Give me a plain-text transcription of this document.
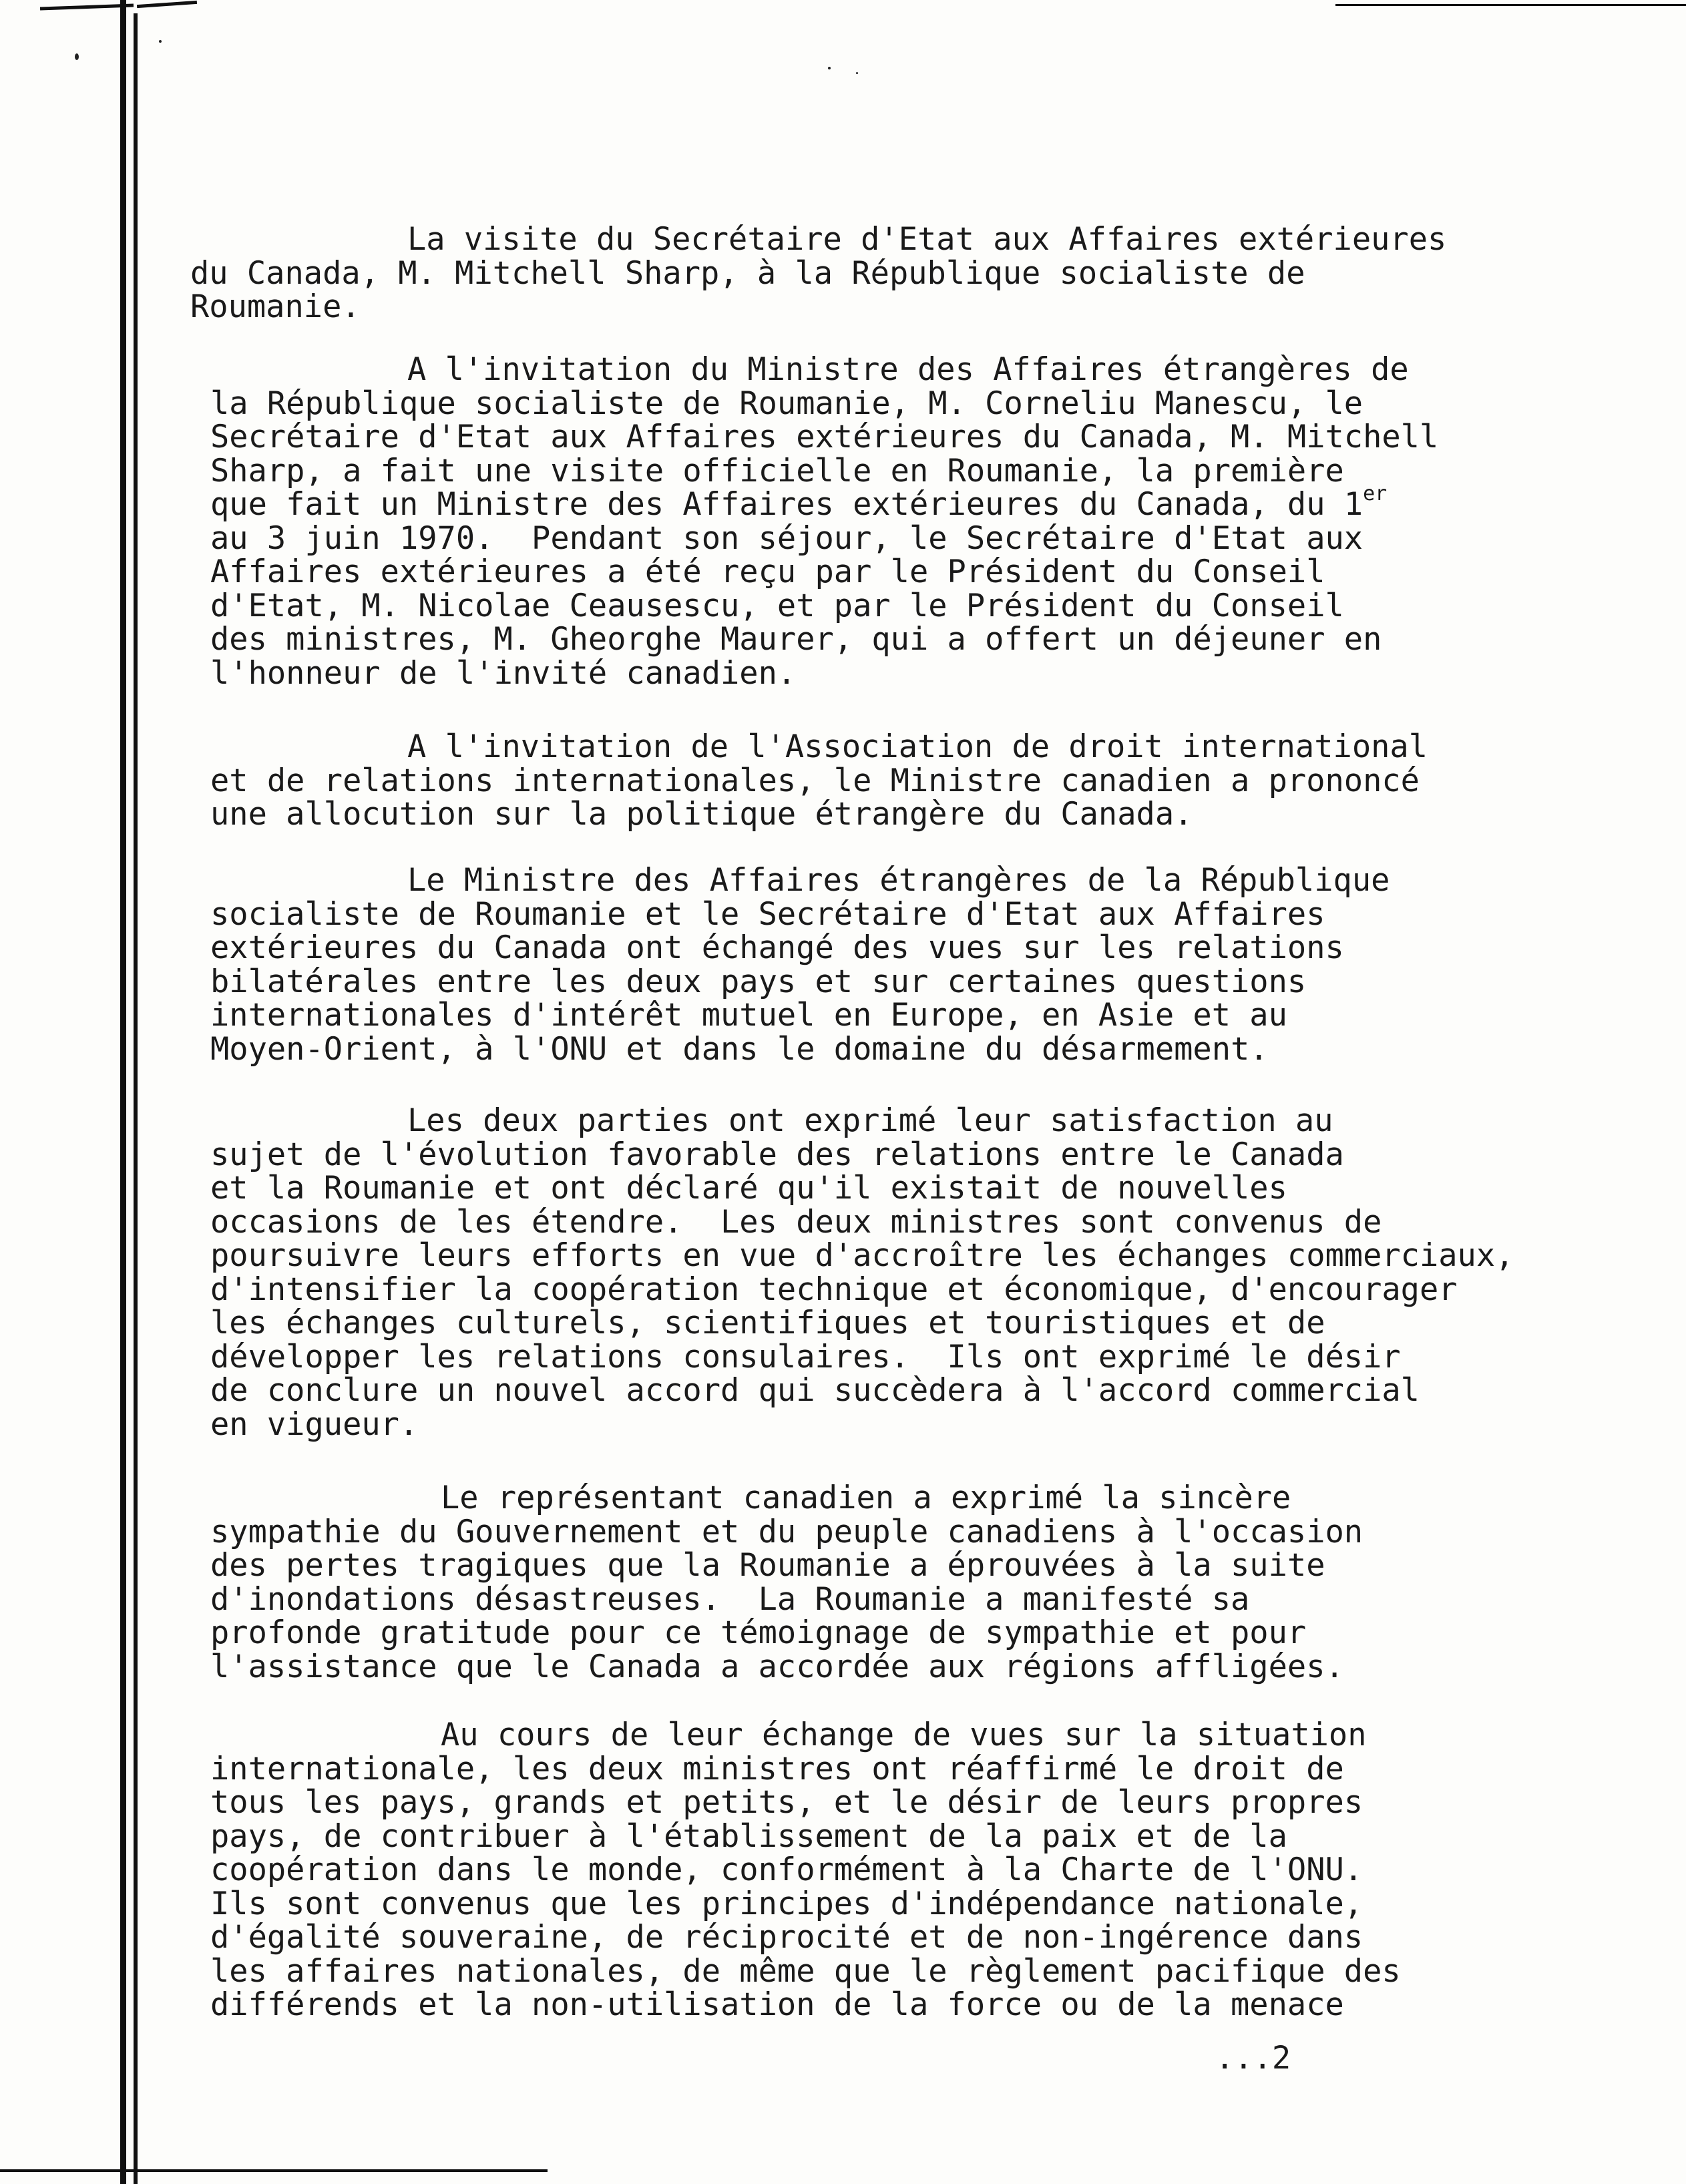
La visite du Secrétaire d'Etat aux Affaires extérieures
du Canada, M. Mitchell Sharp, à la République socialiste de
Roumanie.
A l'invitation du Ministre des Affaires étrangères de
la République socialiste de Roumanie, M. Corneliu Manescu, le
Secrétaire d'Etat aux Affaires extérieures du Canada, M. Mitchell
Sharp, a fait une visite officielle en Roumanie, la première
que fait un Ministre des Affaires extérieures du Canada, du 1er
au 3 juin 1970.  Pendant son séjour, le Secrétaire d'Etat aux
Affaires extérieures a été reçu par le Président du Conseil
d'Etat, M. Nicolae Ceausescu, et par le Président du Conseil
des ministres, M. Gheorghe Maurer, qui a offert un déjeuner en
l'honneur de l'invité canadien.
A l'invitation de l'Association de droit international
et de relations internationales, le Ministre canadien a prononcé
une allocution sur la politique étrangère du Canada.
Le Ministre des Affaires étrangères de la République
socialiste de Roumanie et le Secrétaire d'Etat aux Affaires
extérieures du Canada ont échangé des vues sur les relations
bilatérales entre les deux pays et sur certaines questions
internationales d'intérêt mutuel en Europe, en Asie et au
Moyen-Orient, à l'ONU et dans le domaine du désarmement.
Les deux parties ont exprimé leur satisfaction au
sujet de l'évolution favorable des relations entre le Canada
et la Roumanie et ont déclaré qu'il existait de nouvelles
occasions de les étendre.  Les deux ministres sont convenus de
poursuivre leurs efforts en vue d'accroître les échanges commerciaux,
d'intensifier la coopération technique et économique, d'encourager
les échanges culturels, scientifiques et touristiques et de
développer les relations consulaires.  Ils ont exprimé le désir
de conclure un nouvel accord qui succèdera à l'accord commercial
en vigueur.
Le représentant canadien a exprimé la sincère
sympathie du Gouvernement et du peuple canadiens à l'occasion
des pertes tragiques que la Roumanie a éprouvées à la suite
d'inondations désastreuses.  La Roumanie a manifesté sa
profonde gratitude pour ce témoignage de sympathie et pour
l'assistance que le Canada a accordée aux régions affligées.
Au cours de leur échange de vues sur la situation
internationale, les deux ministres ont réaffirmé le droit de
tous les pays, grands et petits, et le désir de leurs propres
pays, de contribuer à l'établissement de la paix et de la
coopération dans le monde, conformément à la Charte de l'ONU.
Ils sont convenus que les principes d'indépendance nationale,
d'égalité souveraine, de réciprocité et de non-ingérence dans
les affaires nationales, de même que le règlement pacifique des
différends et la non-utilisation de la force ou de la menace
...2
